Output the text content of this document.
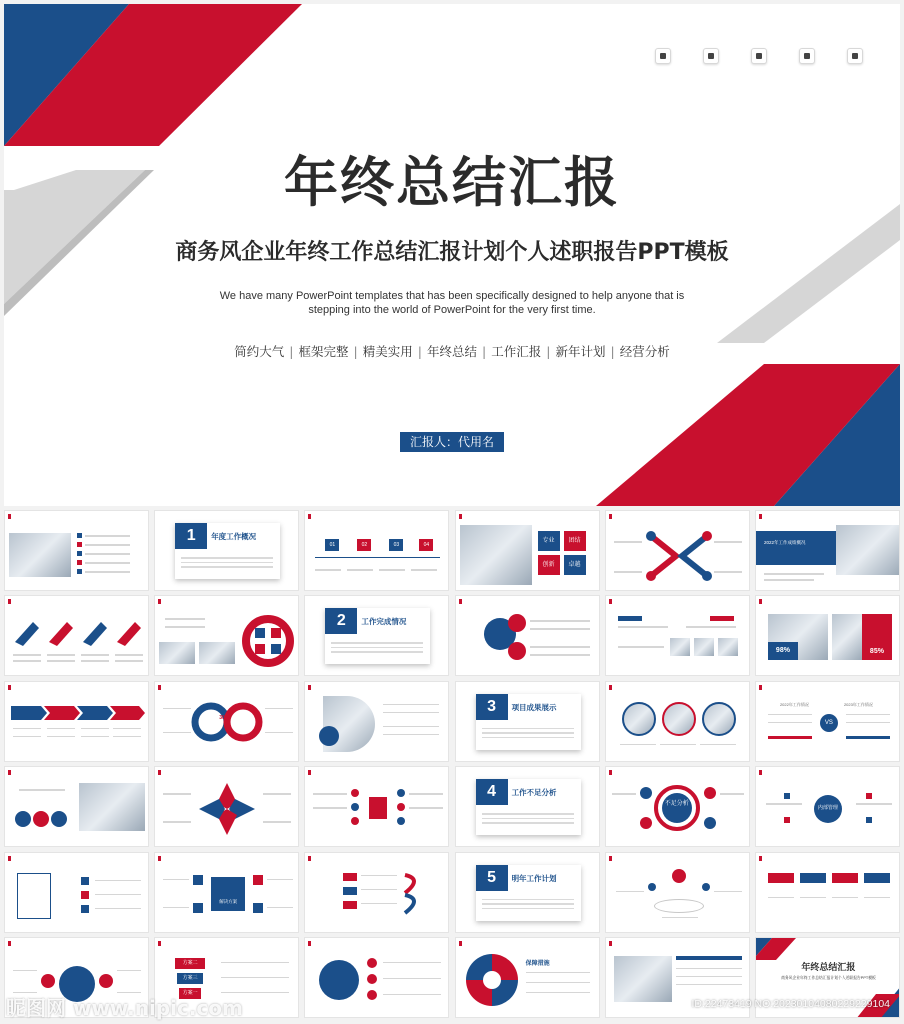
年终总结汇报
商务风企业年终工作总结汇报计划个人述职报告PPT模板
We have many PowerPoint templates that has been specifically designed to help anyone that is
stepping into the world of PowerPoint for the very first time.
简约大气 | 框架完整 | 精美实用 | 年终总结 | 工作汇报 | 新年计划 | 经营分析
汇报人：代用名
1	年度工作概况
01	02	03	04
专业	团结
创新	卓越
2022年工作成绩概况
2	工作完成情况
98%	85%
30
3	项目成果展示	2022年工作情况	2023年工作情况
VS
4	工作不足分析
不足分析
内部管理
解决方案
5	明年工作计划
方案二
方案三
方案一
保障措施	年终总结汇报
商务风企业年终工作总结汇报计划个人述职报告PPT模板
昵图网 www.nipic.com	ID:22473419 NO:20230104080229229104
